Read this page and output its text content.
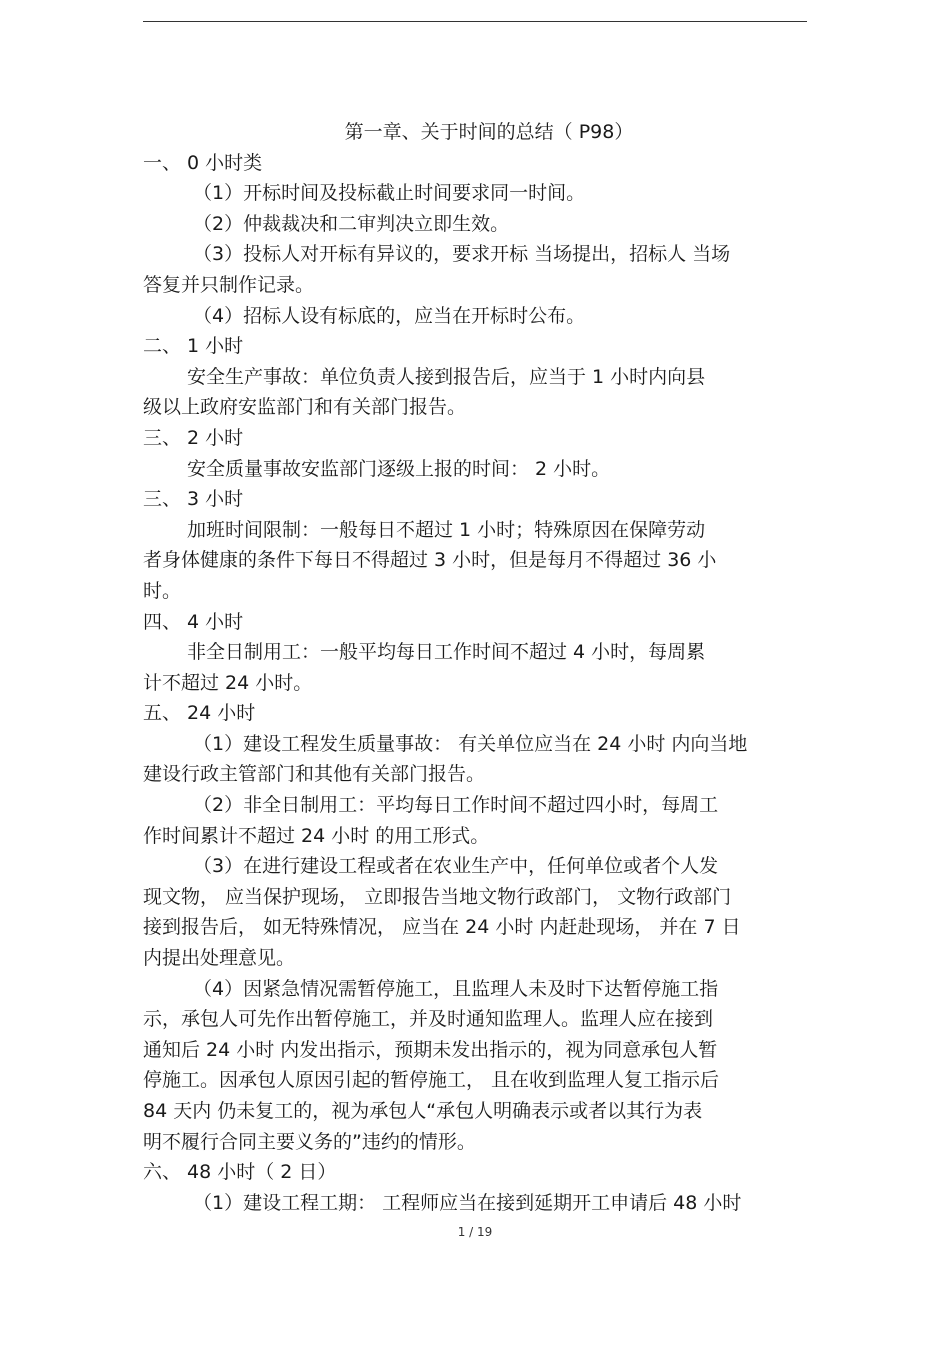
第一章、关于时间的总结（ P98）
一、 0 小时类
（1）开标时间及投标截止时间要求同一时间。
（2）仲裁裁决和二审判决立即生效。
（3）投标人对开标有异议的，要求开标 当场提出，招标人 当场
答复并只制作记录。
（4）招标人设有标底的，应当在开标时公布。
二、 1 小时
安全生产事故：单位负责人接到报告后，应当于 1 小时内向县
级以上政府安监部门和有关部门报告。
三、 2 小时
安全质量事故安监部门逐级上报的时间： 2 小时。
三、 3 小时
加班时间限制：一般每日不超过 1 小时；特殊原因在保障劳动
者身体健康的条件下每日不得超过 3 小时，但是每月不得超过 36 小
时。
四、 4 小时
非全日制用工：一般平均每日工作时间不超过 4 小时，每周累
计不超过 24 小时。
五、 24 小时
（1）建设工程发生质量事故： 有关单位应当在 24 小时 内向当地
建设行政主管部门和其他有关部门报告。
（2）非全日制用工：平均每日工作时间不超过四小时，每周工
作时间累计不超过 24 小时 的用工形式。
（3）在进行建设工程或者在农业生产中，任何单位或者个人发
现文物， 应当保护现场， 立即报告当地文物行政部门， 文物行政部门
接到报告后， 如无特殊情况， 应当在 24 小时 内赶赴现场， 并在 7 日
内提出处理意见。
（4）因紧急情况需暂停施工，且监理人未及时下达暂停施工指
示，承包人可先作出暂停施工，并及时通知监理人。监理人应在接到
通知后 24 小时 内发出指示，预期未发出指示的，视为同意承包人暂
停施工。因承包人原因引起的暂停施工， 且在收到监理人复工指示后
84 天内 仍未复工的，视为承包人“承包人明确表示或者以其行为表
明不履行合同主要义务的”违约的情形。
六、 48 小时（ 2 日）
（1）建设工程工期： 工程师应当在接到延期开工申请后 48 小时
1 / 19
